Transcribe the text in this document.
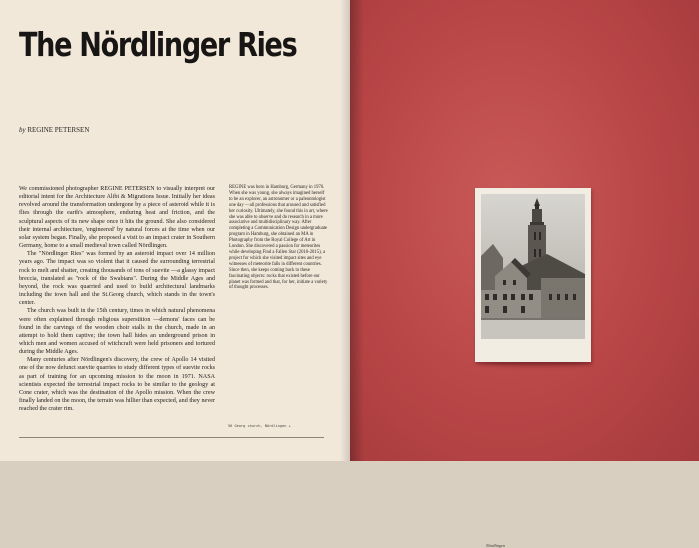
The Nördlinger Ries
by REGINE PETERSEN

We commissioned photographer REGINE PETERSEN to visually interpret our editorial intent for the Architecture Alibi & Migrations Issue. Initially her ideas revolved around the transformation undergone by a piece of asteroid while it is flies through the earth's atmosphere, enduring heat and friction, and the sculptural aspects of its new shape once it hits the ground. She also considered their internal architecture, 'engineered' by natural forces at the time when our solar system began. Finally, she proposed a visit to an impact crater in Southern Germany, home to a small medieval town called Nördlingen.

The "Nördlinger Ries" was formed by an asteroid impact over 14 million years ago. The impact was so violent that it caused the surrounding terrestrial rock to melt and shatter, creating thousands of tons of suevite —a glassy impact breccia, translated as "rock of the Swabians". During the Middle Ages and beyond, the rock was quarried and used to build architectural landmarks including the town hall and the St.Georg church, which stands in the town's center.

The church was built in the 15th century, times in which natural phenomena were often explained through religious superstition —demons' faces can be found in the carvings of the wooden choir stalls in the church, made in an attempt to hold them captive; the town hall hides an underground prison in which men and women accused of witchcraft were held prisoners and tortured during the Middle Ages.

Many centuries after Nördlingen's discovery, the crew of Apollo 14 visited one of the now defunct suevite quarries to study different types of suevite rocks as part of training for an upcoming mission to the moon in 1971. NASA scientists expected the terrestrial impact rocks to be similar to the geology at Cone crater, which was the destination of the Apollo mission. When the crew finally landed on the moon, the terrain was hillier than expected, and they never reached the crater rim.

REGINE was born in Hamburg, Germany in 1976. When she was young, she always imagined herself to be an explorer, an astronomer or a paleontologist one day —all professions that aroused and satisfied her curiosity. Ultimately, she found this in art, where she was able to observe and do research in a more associative and multidisciplinary way. After completing a Communication Design undergraduate program in Hamburg, she obtained an MA in Photography from the Royal College of Art in London. She discovered a passion for meteorites while developing Find a Fallen Star (2010-2015), a project for which she visited impact sites and eye witnesses of meteorite falls in different countries. Since then, she keeps coming back to these fascinating objects: rocks that existed before our planet was formed and that, for her, initiate a variety of thought processes.

56 Georg church, Nördlingen +
Nördlingen
